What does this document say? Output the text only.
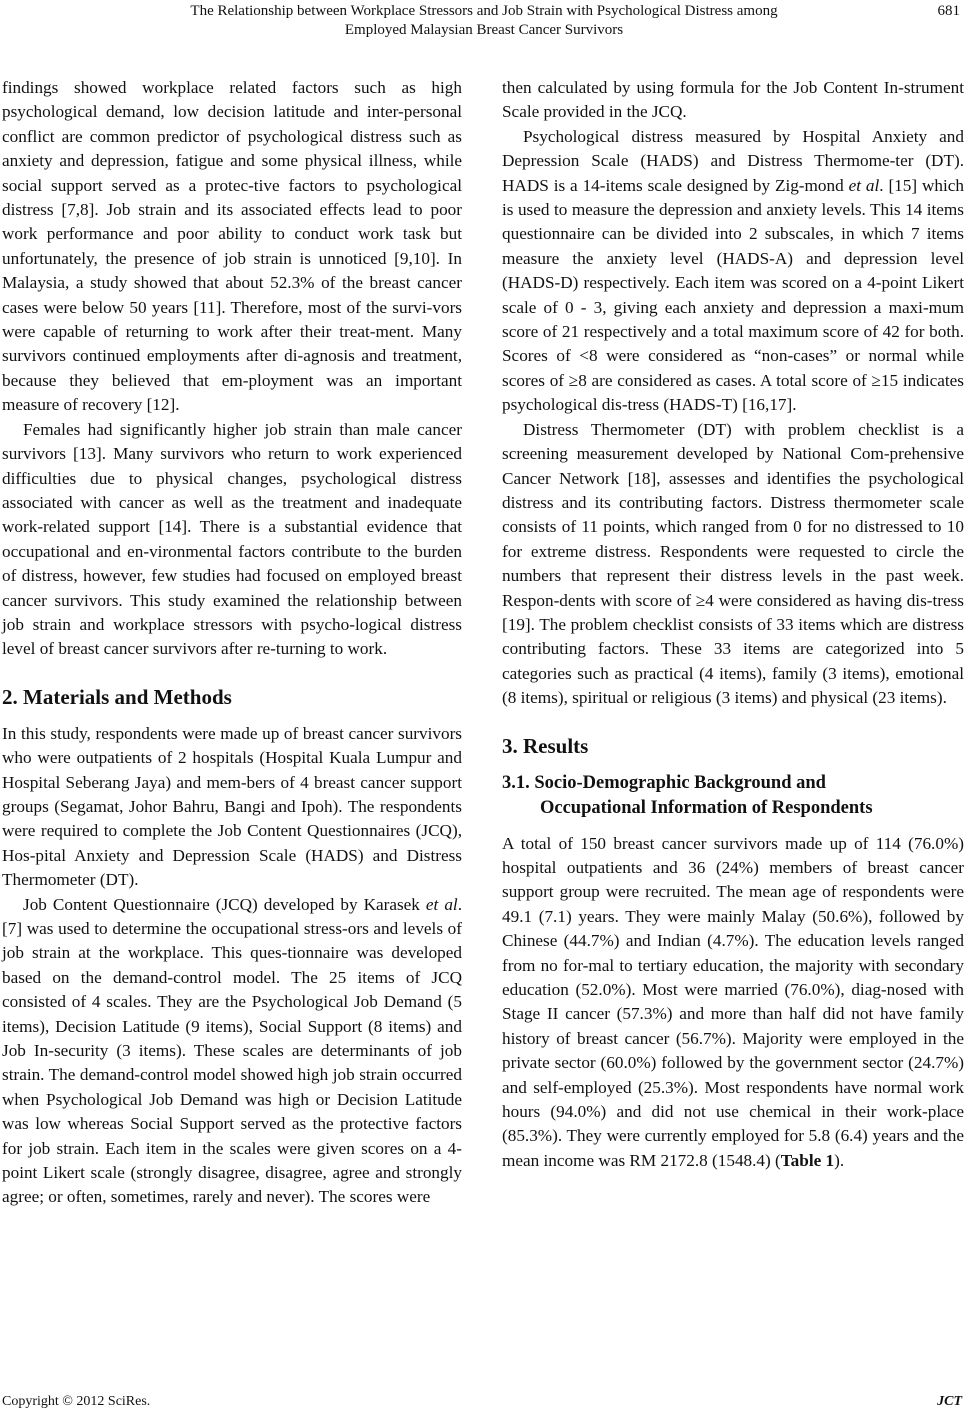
The Relationship between Workplace Stressors and Job Strain with Psychological Distress among
Employed Malaysian Breast Cancer Survivors
681

findings showed workplace related factors such as high psychological demand, low decision latitude and inter-personal conflict are common predictor of psychological distress such as anxiety and depression, fatigue and some physical illness, while social support served as a protec-tive factors to psychological distress [7,8]. Job strain and its associated effects lead to poor work performance and poor ability to conduct work task but unfortunately, the presence of job strain is unnoticed [9,10]. In Malaysia, a study showed that about 52.3% of the breast cancer cases were below 50 years [11]. Therefore, most of the survi-vors were capable of returning to work after their treat-ment. Many survivors continued employments after di-agnosis and treatment, because they believed that em-ployment was an important measure of recovery [12].

Females had significantly higher job strain than male cancer survivors [13]. Many survivors who return to work experienced difficulties due to physical changes, psychological distress associated with cancer as well as the treatment and inadequate work-related support [14]. There is a substantial evidence that occupational and en-vironmental factors contribute to the burden of distress, however, few studies had focused on employed breast cancer survivors. This study examined the relationship between job strain and workplace stressors with psycho-logical distress level of breast cancer survivors after re-turning to work.

2. Materials and Methods

In this study, respondents were made up of breast cancer survivors who were outpatients of 2 hospitals (Hospital Kuala Lumpur and Hospital Seberang Jaya) and mem-bers of 4 breast cancer support groups (Segamat, Johor Bahru, Bangi and Ipoh). The respondents were required to complete the Job Content Questionnaires (JCQ), Hos-pital Anxiety and Depression Scale (HADS) and Distress Thermometer (DT).

Job Content Questionnaire (JCQ) developed by Karasek et al. [7] was used to determine the occupational stress-ors and levels of job strain at the workplace. This ques-tionnaire was developed based on the demand-control model. The 25 items of JCQ consisted of 4 scales. They are the Psychological Job Demand (5 items), Decision Latitude (9 items), Social Support (8 items) and Job In-security (3 items). These scales are determinants of job strain. The demand-control model showed high job strain occurred when Psychological Job Demand was high or Decision Latitude was low whereas Social Support served as the protective factors for job strain. Each item in the scales were given scores on a 4-point Likert scale (strongly disagree, disagree, agree and strongly agree; or often, sometimes, rarely and never). The scores were

then calculated by using formula for the Job Content In-strument Scale provided in the JCQ.

Psychological distress measured by Hospital Anxiety and Depression Scale (HADS) and Distress Thermome-ter (DT). HADS is a 14-items scale designed by Zig-mond et al. [15] which is used to measure the depression and anxiety levels. This 14 items questionnaire can be divided into 2 subscales, in which 7 items measure the anxiety level (HADS-A) and depression level (HADS-D) respectively. Each item was scored on a 4-point Likert scale of 0 - 3, giving each anxiety and depression a maxi-mum score of 21 respectively and a total maximum score of 42 for both. Scores of <8 were considered as “non-cases” or normal while scores of ≥8 are considered as cases. A total score of ≥15 indicates psychological dis-tress (HADS-T) [16,17].

Distress Thermometer (DT) with problem checklist is a screening measurement developed by National Com-prehensive Cancer Network [18], assesses and identifies the psychological distress and its contributing factors. Distress thermometer scale consists of 11 points, which ranged from 0 for no distressed to 10 for extreme distress. Respondents were requested to circle the numbers that represent their distress levels in the past week. Respon-dents with score of ≥4 were considered as having dis-tress [19]. The problem checklist consists of 33 items which are distress contributing factors. These 33 items are categorized into 5 categories such as practical (4 items), family (3 items), emotional (8 items), spiritual or religious (3 items) and physical (23 items).

3. Results
3.1. Socio-Demographic Background and
Occupational Information of Respondents

A total of 150 breast cancer survivors made up of 114 (76.0%) hospital outpatients and 36 (24%) members of breast cancer support group were recruited. The mean age of respondents were 49.1 (7.1) years. They were mainly Malay (50.6%), followed by Chinese (44.7%) and Indian (4.7%). The education levels ranged from no for-mal to tertiary education, the majority with secondary education (52.0%). Most were married (76.0%), diag-nosed with Stage II cancer (57.3%) and more than half did not have family history of breast cancer (56.7%). Majority were employed in the private sector (60.0%) followed by the government sector (24.7%) and self-employed (25.3%). Most respondents have normal work hours (94.0%) and did not use chemical in their work-place (85.3%). They were currently employed for 5.8 (6.4) years and the mean income was RM 2172.8 (1548.4) (Table 1).

Copyright © 2012 SciRes.	JCT
